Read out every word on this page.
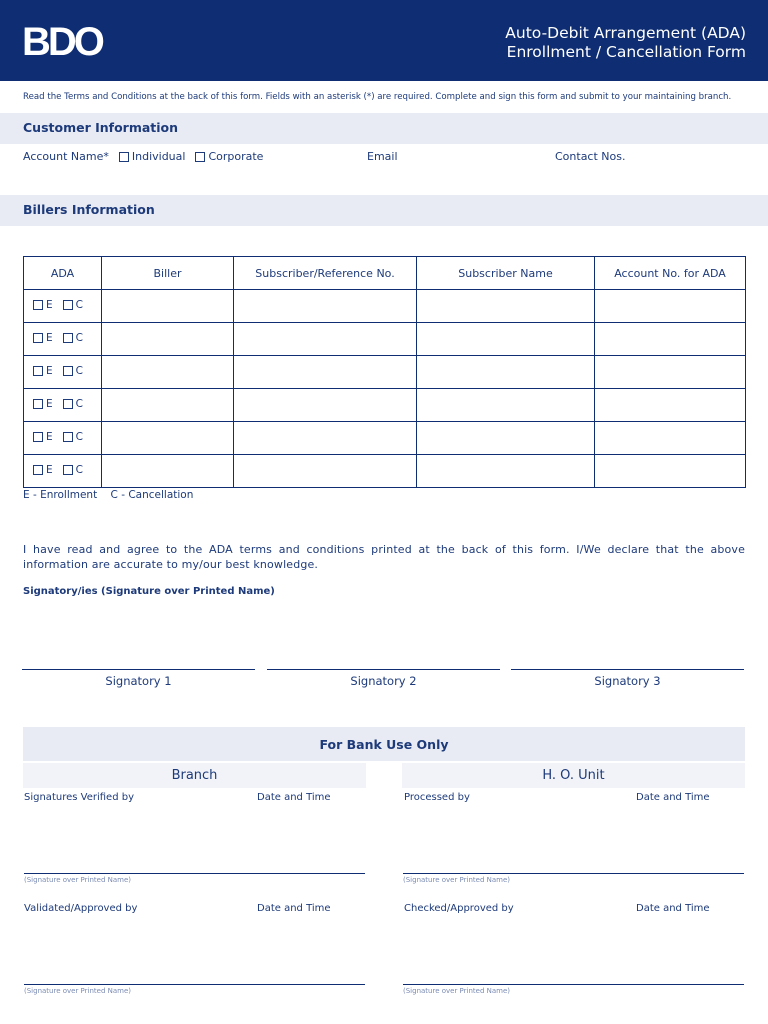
BDO	Auto-Debit Arrangement (ADA)
Enrollment / Cancellation Form
Read the Terms and Conditions at the back of this form. Fields with an asterisk (*) are required. Complete and sign this form and submit to your maintaining branch.
Customer Information
Account Name* Individual Corporate	Email	Contact Nos.
Billers Information
ADA	Biller	Subscriber/Reference No.	Subscriber Name	Account No. for ADA

E C				

E C				

E C				

E C				

E C				

E C				

E - Enrollment C - Cancellation
I have read and agree to the ADA terms and conditions printed at the back of this form. I/We declare that the above information are accurate to my/our best knowledge.
Signatory/ies (Signature over Printed Name)
Signatory 1	Signatory 2	Signatory 3
For Bank Use Only
Branch	H. O. Unit
Signatures Verified by	Date and Time	Processed by	Date and Time
(Signature over Printed Name)	(Signature over Printed Name)
Validated/Approved by	Date and Time	Checked/Approved by	Date and Time
(Signature over Printed Name)	(Signature over Printed Name)
